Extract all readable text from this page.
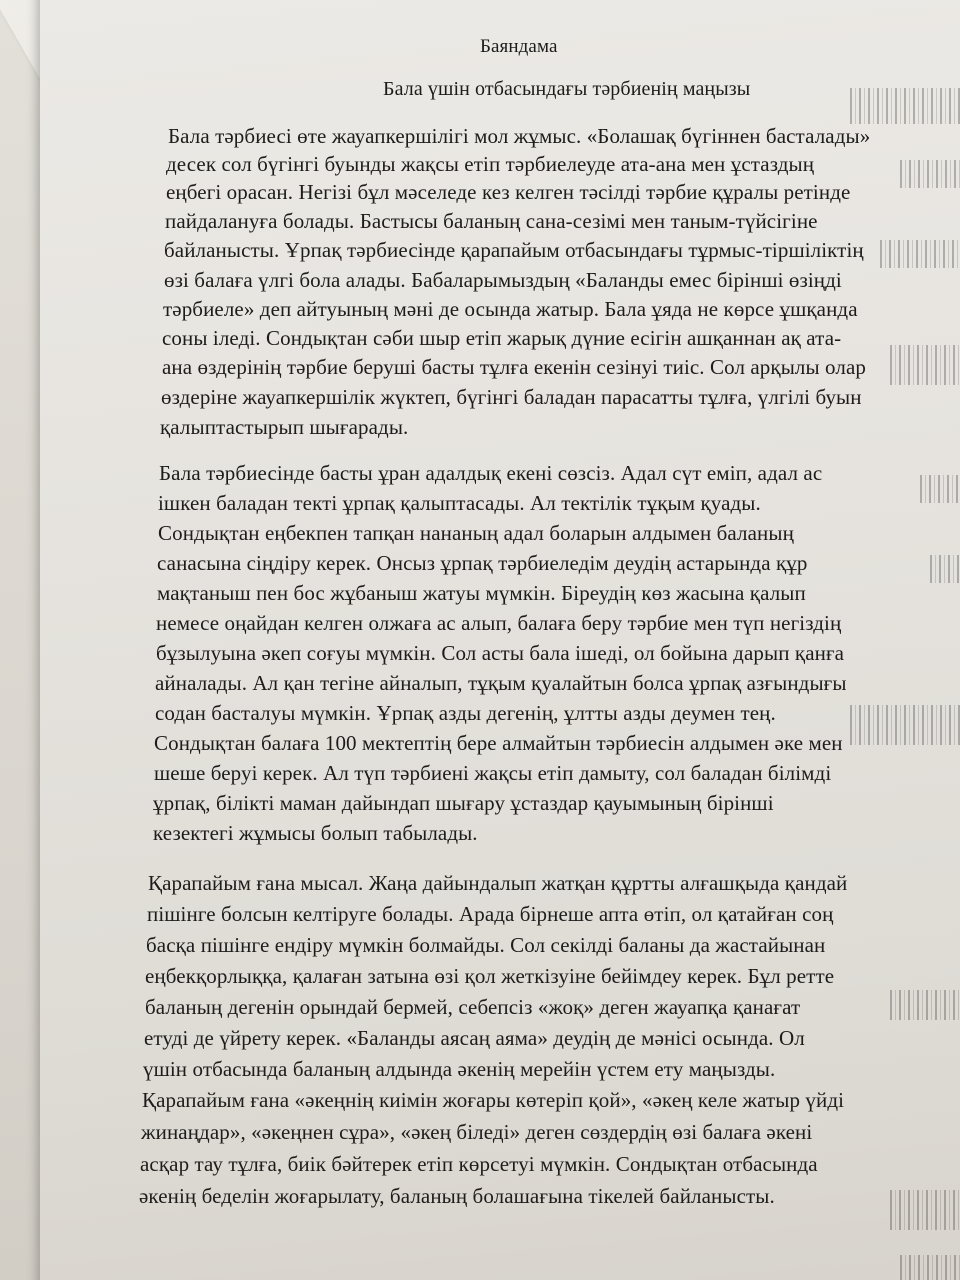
Баяндама
Бала үшін отбасындағы тәрбиенің маңызы
Бала тәрбиесі өте жауапкершілігі мол жұмыс. «Болашақ бүгіннен басталады»
десек сол бүгінгі буынды жақсы етіп тәрбиелеуде ата-ана мен ұстаздың
еңбегі орасан. Негізі бұл мәселеде кез келген тәсілді тәрбие құралы ретінде
пайдалануға болады. Бастысы баланың сана-сезімі мен таным-түйсігіне
байланысты. Ұрпақ тәрбиесінде қарапайым отбасындағы тұрмыс-тіршіліктің
өзі балаға үлгі бола алады. Бабаларымыздың «Баланды емес бірінші өзіңді
тәрбиеле» деп айтуының мәні де осында жатыр. Бала ұяда не көрсе ұшқанда
соны іледі. Сондықтан сәби шыр етіп жарық дүние есігін ашқаннан ақ ата-
ана өздерінің тәрбие беруші басты тұлға екенін сезінуі тиіс. Сол арқылы олар
өздеріне жауапкершілік жүктеп, бүгінгі баладан парасатты тұлға, үлгілі буын
қалыптастырып шығарады.
Бала тәрбиесінде басты ұран адалдық екені сөзсіз. Адал сүт еміп, адал ас
ішкен баладан текті ұрпақ қалыптасады. Ал тектілік тұқым қуады.
Сондықтан еңбекпен тапқан нананың адал боларын алдымен баланың
санасына сіңдіру керек. Онсыз ұрпақ тәрбиеледім деудің астарында құр
мақтаныш пен бос жұбаныш жатуы мүмкін. Біреудің көз жасына қалып
немесе оңайдан келген олжаға ас алып, балаға беру тәрбие мен түп негіздің
бұзылуына әкеп соғуы мүмкін. Сол асты бала ішеді, ол бойына дарып қанға
айналады. Ал қан тегіне айналып, тұқым қуалайтын болса ұрпақ азғындығы
содан басталуы мүмкін. Ұрпақ азды дегенің, ұлтты азды деумен тең.
Сондықтан балаға 100 мектептің бере алмайтын тәрбиесін алдымен әке мен
шеше беруі керек. Ал түп тәрбиені жақсы етіп дамыту, сол баладан білімді
ұрпақ, білікті маман дайындап шығару ұстаздар қауымының бірінші
кезектегі жұмысы болып табылады.
Қарапайым ғана мысал. Жаңа дайындалып жатқан құртты алғашқыда қандай
пішінге болсын келтіруге болады. Арада бірнеше апта өтіп, ол қатайған соң
басқа пішінге ендіру мүмкін болмайды. Сол секілді баланы да жастайынан
еңбекқорлыққа, қалаған затына өзі қол жеткізуіне бейімдеу керек. Бұл ретте
баланың дегенін орындай бермей, себепсіз «жоқ» деген жауапқа қанағат
етуді де үйрету керек. «Баланды аясаң аяма» деудің де мәнісі осында. Ол
үшін отбасында баланың алдында әкенің мерейін үстем ету маңызды.
Қарапайым ғана «әкеңнің киімін жоғары көтеріп қой», «әкең келе жатыр үйді
жинаңдар», «әкеңнен сұра», «әкең біледі» деген сөздердің өзі балаға әкені
асқар тау тұлға, биік бәйтерек етіп көрсетуі мүмкін. Сондықтан отбасында
әкенің беделін жоғарылату, баланың болашағына тікелей байланысты.
